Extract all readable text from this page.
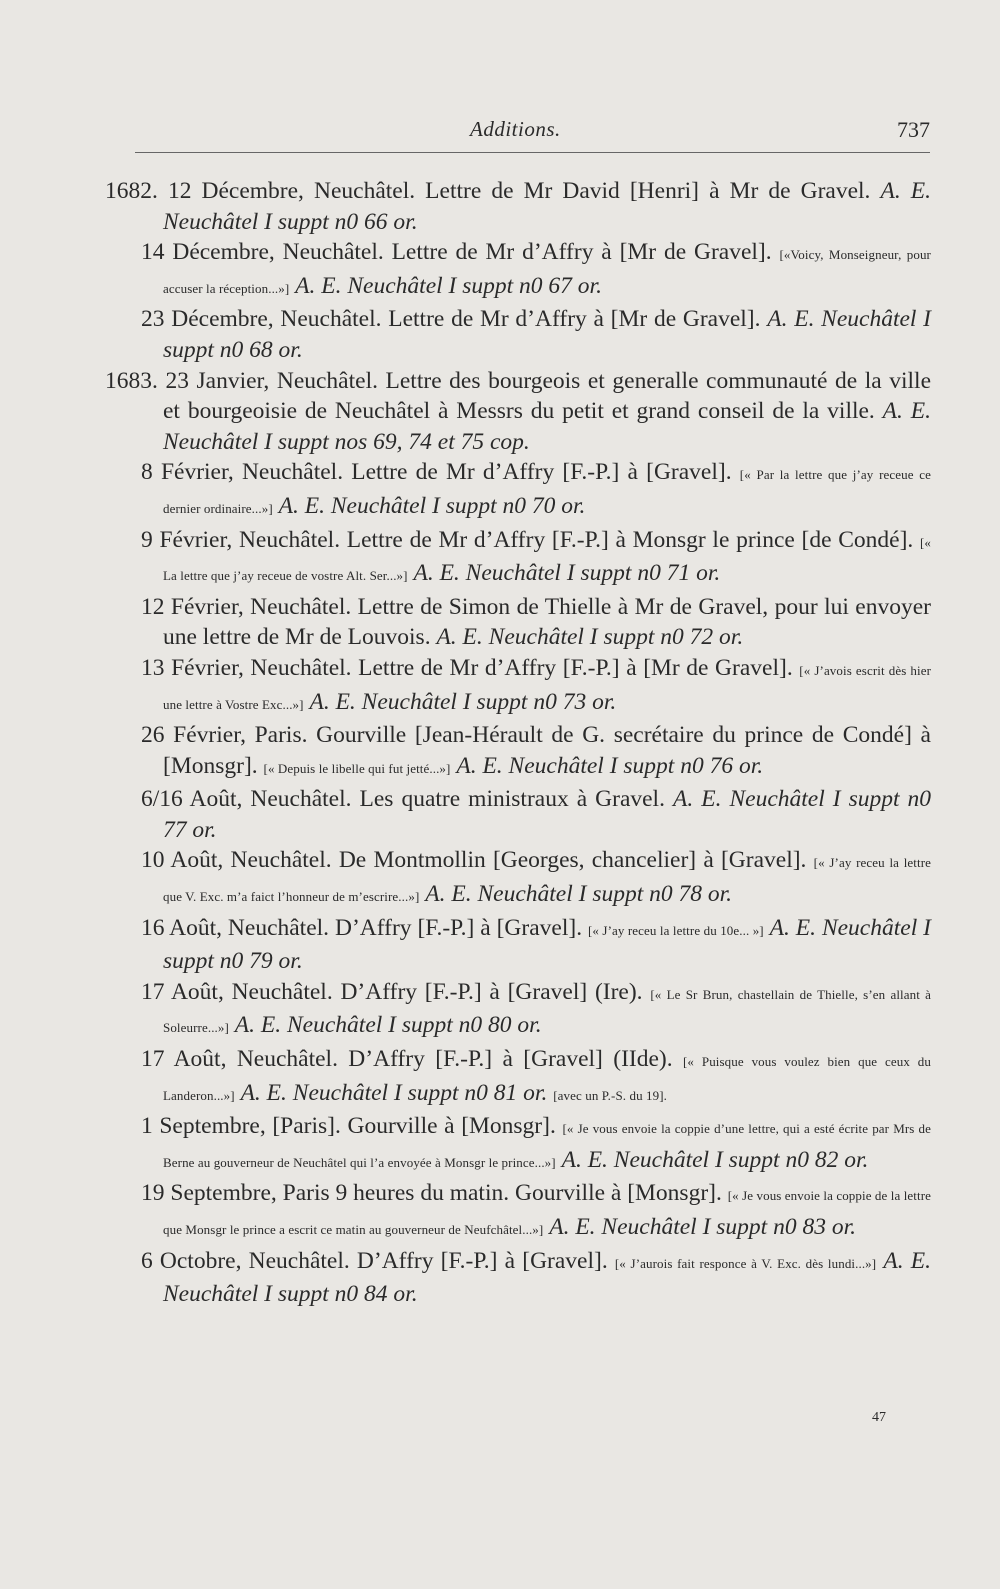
Additions.	737

1682. 12 Décembre, Neuchâtel. Lettre de Mr David [Henri] à Mr de Gravel. A. E. Neuchâtel I suppt n0 66 or.

14 Décembre, Neuchâtel. Lettre de Mr d’Affry à [Mr de Gravel]. [«Voicy, Monseigneur, pour accuser la réception...»] A. E. Neuchâtel I suppt n0 67 or.

23 Décembre, Neuchâtel. Lettre de Mr d’Affry à [Mr de Gravel]. A. E. Neuchâtel I suppt n0 68 or.

1683. 23 Janvier, Neuchâtel. Lettre des bourgeois et generalle communauté de la ville et bourgeoisie de Neuchâtel à Messrs du petit et grand conseil de la ville. A. E. Neuchâtel I suppt nos 69, 74 et 75 cop.

8 Février, Neuchâtel. Lettre de Mr d’Affry [F.-P.] à [Gravel]. [« Par la lettre que j’ay receue ce dernier ordinaire...»] A. E. Neuchâtel I suppt n0 70 or.

9 Février, Neuchâtel. Lettre de Mr d’Affry [F.-P.] à Monsgr le prince [de Condé]. [« La lettre que j’ay receue de vostre Alt. Ser...»] A. E. Neuchâtel I suppt n0 71 or.

12 Février, Neuchâtel. Lettre de Simon de Thielle à Mr de Gravel, pour lui envoyer une lettre de Mr de Louvois. A. E. Neuchâtel I suppt n0 72 or.

13 Février, Neuchâtel. Lettre de Mr d’Affry [F.-P.] à [Mr de Gravel]. [« J’avois escrit dès hier une lettre à Vostre Exc...»] A. E. Neuchâtel I suppt n0 73 or.

26 Février, Paris. Gourville [Jean-Hérault de G. secrétaire du prince de Condé] à [Monsgr]. [« Depuis le libelle qui fut jetté...»] A. E. Neuchâtel I suppt n0 76 or.

6/16 Août, Neuchâtel. Les quatre ministraux à Gravel. A. E. Neuchâtel I suppt n0 77 or.

10 Août, Neuchâtel. De Montmollin [Georges, chancelier] à [Gravel]. [« J’ay receu la lettre que V. Exc. m’a faict l’honneur de m’escrire...»] A. E. Neuchâtel I suppt n0 78 or.

16 Août, Neuchâtel. D’Affry [F.-P.] à [Gravel]. [« J’ay receu la lettre du 10e... »] A. E. Neuchâtel I suppt n0 79 or.

17 Août, Neuchâtel. D’Affry [F.-P.] à [Gravel] (Ire). [« Le Sr Brun, chastellain de Thielle, s’en allant à Soleurre...»] A. E. Neuchâtel I suppt n0 80 or.

17 Août, Neuchâtel. D’Affry [F.-P.] à [Gravel] (IIde). [« Puisque vous voulez bien que ceux du Landeron...»] A. E. Neuchâtel I suppt n0 81 or. [avec un P.-S. du 19].

1 Septembre, [Paris]. Gourville à [Monsgr]. [« Je vous envoie la coppie d’une lettre, qui a esté écrite par Mrs de Berne au gouverneur de Neuchâtel qui l’a envoyée à Monsgr le prince...»] A. E. Neuchâtel I suppt n0 82 or.

19 Septembre, Paris 9 heures du matin. Gourville à [Monsgr]. [« Je vous envoie la coppie de la lettre que Monsgr le prince a escrit ce matin au gouverneur de Neufchâtel...»] A. E. Neuchâtel I suppt n0 83 or.

6 Octobre, Neuchâtel. D’Affry [F.-P.] à [Gravel]. [« J’aurois fait responce à V. Exc. dès lundi...»] A. E. Neuchâtel I suppt n0 84 or.

47
